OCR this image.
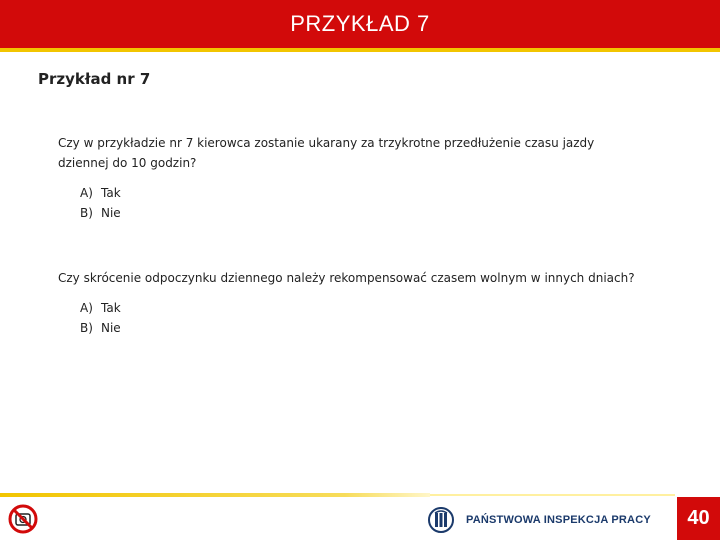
PRZYKŁAD 7
Przykład nr 7
Czy w przykładzie nr 7 kierowca zostanie ukarany za trzykrotne przedłużenie czasu jazdy dziennej do 10 godzin?
A) Tak
B) Nie
Czy skrócenie odpoczynku dziennego należy rekompensować czasem wolnym w innych dniach?
A) Tak
B) Nie
PAŃSTWOWA INSPEKCJA PRACY 40
